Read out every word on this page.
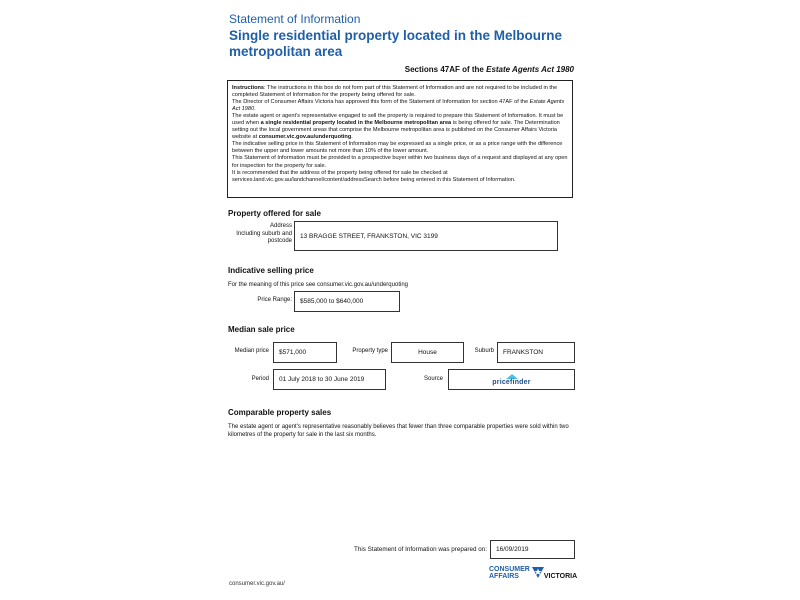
Statement of Information
Single residential property located in the Melbourne metropolitan area
Sections 47AF of the Estate Agents Act 1980
Instructions: The instructions in this box do not form part of this Statement of Information and are not required to be included in the completed Statement of Information for the property being offered for sale.
The Director of Consumer Affairs Victoria has approved this form of the Statement of Information for section 47AF of the Estate Agents Act 1980.
The estate agent or agent's representative engaged to sell the property is required to prepare this Statement of Information. It must be used when a single residential property located in the Melbourne metropolitan area is being offered for sale. The Determination setting out the local government areas that comprise the Melbourne metropolitan area is published on the Consumer Affairs Victoria website at consumer.vic.gov.au/underquoting.
The indicative selling price in this Statement of Information may be expressed as a single price, or as a price range with the difference between the upper and lower amounts not more than 10% of the lower amount.
This Statement of Information must be provided to a prospective buyer within two business days of a request and displayed at any open for inspection for the property for sale.
It is recommended that the address of the property being offered for sale be checked at services.land.vic.gov.au/landchannel/content/addressSearch before being entered in this Statement of Information.
Property offered for sale
Address
Including suburb and
postcode
13 BRAGGE STREET, FRANKSTON, VIC 3199
Indicative selling price
For the meaning of this price see consumer.vic.gov.au/underquoting
Price Range:	$585,000 to $640,000
Median sale price
Median price	$571,000	Property type	House	Suburb	FRANKSTON
Period	01 July 2018 to 30 June 2019	Source	pricefinder
Comparable property sales
The estate agent or agent's representative reasonably believes that fewer than three comparable properties were sold within two kilometres of the property for sale in the last six months.
This Statement of Information was prepared on:	16/09/2019
consumer.vic.gov.au/
CONSUMER
AFFAIRS	VICTORIA
